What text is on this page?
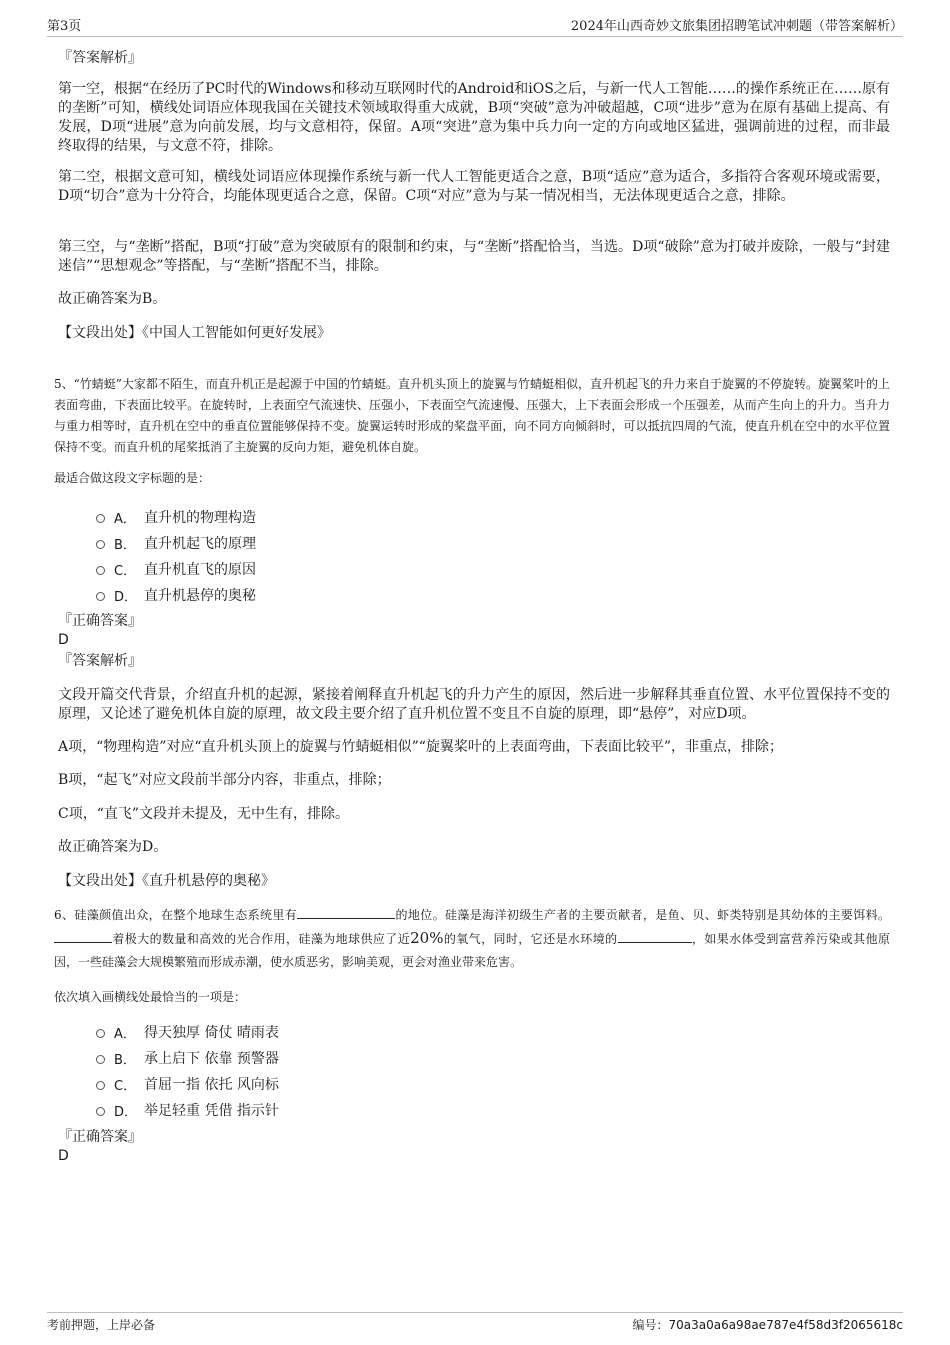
第3页	2024年山西奇妙文旅集团招聘笔试冲刺题（带答案解析）
『答案解析』
第一空，根据“在经历了PC时代的Windows和移动互联网时代的Android和iOS之后，与新一代人工智能……的操作系统正在……原有的垄断”可知，横线处词语应体现我国在关键技术领域取得重大成就，B项“突破”意为冲破超越，C项“进步”意为在原有基础上提高、有发展，D项“进展”意为向前发展，均与文意相符，保留。A项“突进”意为集中兵力向一定的方向或地区猛进，强调前进的过程，而非最终取得的结果，与文意不符，排除。
第二空，根据文意可知，横线处词语应体现操作系统与新一代人工智能更适合之意，B项“适应”意为适合，多指符合客观环境或需要，D项“切合”意为十分符合，均能体现更适合之意，保留。C项“对应”意为与某一情况相当，无法体现更适合之意，排除。
第三空，与“垄断”搭配，B项“打破”意为突破原有的限制和约束，与“垄断”搭配恰当，当选。D项“破除”意为打破并废除，一般与“封建迷信”“思想观念”等搭配，与“垄断”搭配不当，排除。
故正确答案为B。
【文段出处】《中国人工智能如何更好发展》
5、“竹蜻蜓”大家都不陌生，而直升机正是起源于中国的竹蜻蜓。直升机头顶上的旋翼与竹蜻蜓相似，直升机起飞的升力来自于旋翼的不停旋转。旋翼桨叶的上表面弯曲，下表面比较平。在旋转时，上表面空气流速快、压强小，下表面空气流速慢、压强大，上下表面会形成一个压强差，从而产生向上的升力。当升力与重力相等时，直升机在空中的垂直位置能够保持不变。旋翼运转时形成的桨盘平面，向不同方向倾斜时，可以抵抗四周的气流，使直升机在空中的水平位置保持不变。而直升机的尾桨抵消了主旋翼的反向力矩，避免机体自旋。
最适合做这段文字标题的是：
A． 直升机的物理构造
B． 直升机起飞的原理
C． 直升机直飞的原因
D． 直升机悬停的奥秘
『正确答案』
D
『答案解析』
文段开篇交代背景，介绍直升机的起源，紧接着阐释直升机起飞的升力产生的原因，然后进一步解释其垂直位置、水平位置保持不变的原理，又论述了避免机体自旋的原理，故文段主要介绍了直升机位置不变且不自旋的原理，即“悬停”，对应D项。
A项，“物理构造”对应“直升机头顶上的旋翼与竹蜻蜓相似”“旋翼桨叶的上表面弯曲，下表面比较平”，非重点，排除；
B项，“起飞”对应文段前半部分内容，非重点，排除；
C项，“直飞”文段并未提及，无中生有，排除。
故正确答案为D。
【文段出处】《直升机悬停的奥秘》
6、硅藻颜值出众，在整个地球生态系统里有	的地位。硅藻是海洋初级生产者的主要贡献者，是鱼、贝、虾类特别是其幼体的主要饵料。着极大的数量和高效的光合作用，硅藻为地球供应了近20%的氧气，同时，它还是水环境的	，如果水体受到富营养污染或其他原因，一些硅藻会大规模繁殖而形成赤潮，使水质恶劣，影响美观，更会对渔业带来危害。
依次填入画横线处最恰当的一项是：
A． 得天独厚 倚仗 晴雨表
B． 承上启下 依靠 预警器
C． 首屈一指 依托 风向标
D． 举足轻重 凭借 指示针
『正确答案』
D
考前押题，上岸必备	编号：70a3a0a6a98ae787e4f58d3f2065618c
